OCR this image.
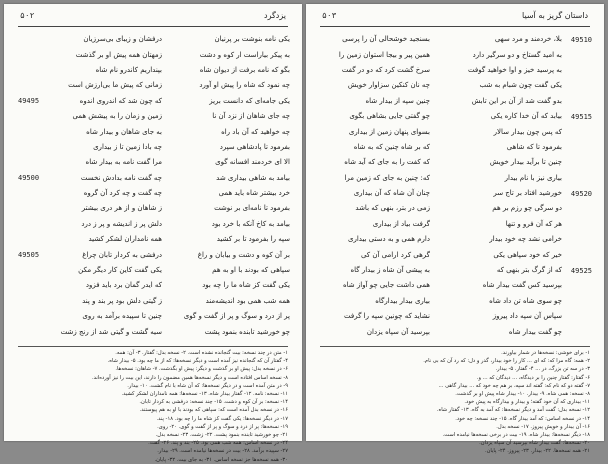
یزدگرد
۵۰۲
درفشان و زیبای بی‌سرزیان	یکی نامه بنوشت بر پرنیان
زمهتان همه پیش او بر گذشت	به پیکر بیاراست ار کوه و دشت
بپنداریم کاندرو نام شاه	بگو که نامه برفت از دیوان شاه
زمانی که پیش ما بی‌ارزش است	چه نمود که شاه را پیش او آورد
که چون شد که اندروی اندوه	یکی جامه‌ای که دانست بریز
49495
زمین و زمان را به پیشش همی	چه جای شاهان از نزد آن نا
به جای شاهان و بیدار شاه	چه خواهید که آن باد راه
چه بادا زمین تا ز بیداری	بفرمود تا پادشاهی سپرد
مرا گفت نامه به بیدار شاه	الا ای خردمند افسانه گوی
چه گفت نامه بدادش نخست	بیامد به شاهی بیداری شد
49500
چه گفت و چه کرد آن گروه	خرد بیشتر شاه باید همی
ز شاهان و از هر دری بیشتر	بفرمود تا نامه‌ای بر نوشت
دلش پر ز اندیشه و پر ز درد	بیامد به کاخ آنکه با خرد بود
همه نامداران لشکر کشید	سپه را بفرمود تا بر کشید
درفشی به کردار تابان چراغ	بر آن کوه و دشت و بیابان و راغ
49505
یکی گفت کاین کار دیگر مکن	سپاهی که بودند با او به هم
که ایدر گمان برد باید فزود	یکی گفت کز شاه ما را چه بود
ز گیتی دلش بود پر بند و پند	همه شب همی بود اندیشه‌مند
چنین تا سپیده برآمد به روی	پر از درد و سوگ و پر از گفت و گوی
سیه گشت و گیتی شد از رنج زشت	چو خورشید تابنده بنمود پشت
۱- متن در چند نسخه: بیت گنجانده نشده است. ۲- نسخه بدل: گفتار. ۳- آن: همه.
۴- گفتار آن که گنجانده نیز آمده است و دیگر نسخه‌ها: که از ما چه بود. ۵- بیدار شاه.
۶- در نسخه بدل: پیش او بر گذشت و دیگر: پیش او بگذشت. ۷- شاهان: نسخه‌ها.
۸- نسخه اساس افتاده است و دیگر نسخه‌ها همین مضمون را دارند، این بیت را نیز آورده‌اند.
۹- در متن آمده است و در دیگر نسخه‌ها: که آن شاه با نام گشت. ۱۰- بیدار.
۱۱- نسخه: نامه. ۱۲- گفتار بیدار شاه. ۱۳- نسخه‌ها: همه نامداران لشکر کشید.
۱۴- نسخه: بر آن کوه و دشت. ۱۵- چند نسخه: درفشی به کردار تابان.
۱۶- در نسخه بدل آمده است که: سپاهی که بودند با او به هم پیوستند.
۱۷- در دیگر نسخه‌ها: یکی گفت کز شاه ما را چه بود. ۱۸- پند.
۱۹- نسخه‌ها: پر از درد و سوگ و پر از گفت و گوی. ۲۰- روی.
۲۱- چو خورشید تابنده بنمود پشت. ۲۲- زشت. ۲۳- نسخه بدل.
۲۴- در نسخه اساس: همه شب همی بود. ۲۵- بند و پند. ۲۶- گفت.
۲۷- سپیده برآمد. ۲۸- بیت در نسخه‌ها نیامده است. ۲۹- بیدار.
۳۰- همه نسخه‌ها جز نسخه اساس. ۳۱- به جای بیت. ۳۲- پایان.
داستان گریز به آسیا
۵۰۳
بسنجید خوشحالی آن را پرسی	بلا، خردمند و مرد سهی 49510
همین پیر و بیجا استوان زمین را	به امید گستاخ و دو سرگیر دارد
سرخ گشت کرد که دو در گفت	به پرسید خیز و اوا خواهید گوفت
چه نان کنکین سزاوار خویش	یکی گفت چون شبام به شب
چنین سپه از بیدار شاه	بدو گفت شد از آن بر این تابش
چو گفتی جایی بشاهی بگوی	بیابد که آن خدا کاره یکی 49515
بسوای پنهان زمین از بیداری	که پس چون بیدار سالار
که بر شاه چنین که به شاه	بفرمود تا که شاهی
که کفت را به جای که آید شاه	چنین تا برآید بیدار خویش
که: چنین به جای که زمین مرا	بیاری نیز با نام بیدار
چنان آن شاه که آن بیداری	خورشید افتاد بر تاج سر 49520
زمی در بتر، بنهی که باشد	دو سرگی چو رزم بر هم
گرفت بیاد از بیداری	هر که آن فرو و تنها
دارم همی و به دستی بیداری	خرامی نشد چه خود بیدار
گرهی کرد ارامی آن کی	خیر که خود سپاهی یکی
به پیشی آن شاه ز بیدار گاه	که از گرگ بتر بنهی که 49525
همی داشت جایی چو آواز شاه	بپرسید کس گفت بیدار شاه
بیاری بیدار بیدارگاه	چو سوی شاه تن داد شاه
نشاید که چونین سپه را گرفت	سپاس آن سپه داد پیروز
بپرسید آن سپاه یزدان	چو گفت بیدار شاه
۱- برای خوشی: نسخه‌ها در شمار بیاورند.
۲- همه: گاه مرا که: که ای ... کار را خود بیدار، گذر و دل: که رد آن که بی نام.
۳- در سه تن بزرگ، در ... ۴- گفتار. ۵- بیدار.
۶- گفتار: گفتار چنین را بر دیدگاه، ... دیدگان که ... و.
۷- گفته دو که نام که: گفته اند سپه، بر هم چه خود که ... بیدار گاهی ...
۸- نسخه: همی شاه. ۹- بیدار. ۱۰- بیدار شاه پیش او بر گذشت.
۱۱- بیداری که آن خود گفته؛ و بیدار و بیدارگاه به پیش خود.
۱۲- نسخه بدل: گفت آمد و دیگر نسخه‌ها: که آمد به گاه. ۱۳- گفتار شاه.
۱۴- در نسخه اساس: که آمد بیدار گاه. ۱۵- چند نسخه: چه خود.
۱۶- آن بیدار و خویش پیروز. ۱۷- نسخه بدل.
۱۸- دیگر نسخه‌ها: بیدار شاه. ۱۹- بیت در برخی نسخه‌ها نیامده است.
۲۰- نسخه‌ها: گفت بیدار شاه بپرسید آن سپاه یزدان.
۲۱- همه نسخه‌ها. ۲۲- بیدار. ۲۳- پیروز. ۲۴- پایان.
